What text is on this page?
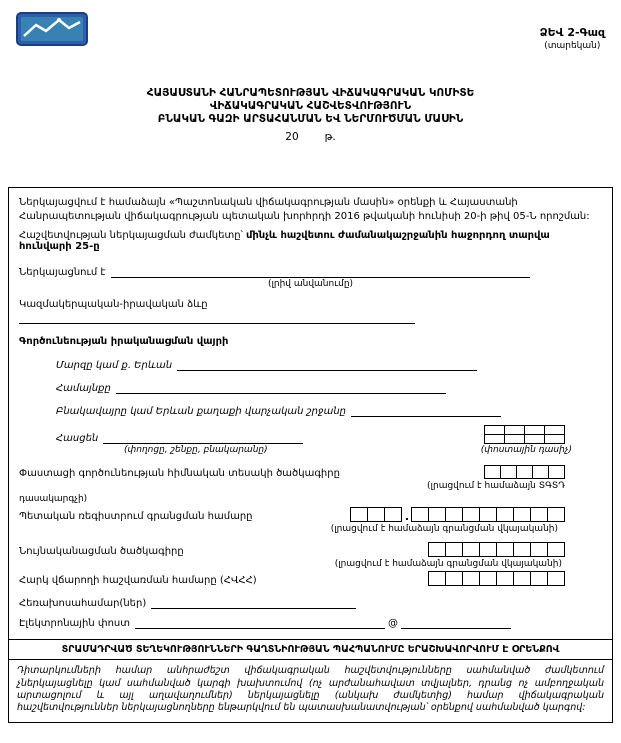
ՁԵՎ 2-Գազ
(տարեկան)
ՀԱՅԱՍՏԱՆԻ ՀԱՆՐԱՊԵՏՈՒԹՅԱՆ ՎԻՃԱԿԱԳՐԱԿԱՆ ԿՈՄԻՏԵ
ՎԻՃԱԿԱԳՐԱԿԱՆ ՀԱՇՎԵՏՎՈՒԹՅՈՒՆ
ԲՆԱԿԱՆ ԳԱԶԻ ԱՐՏԱՀԱՆՄԱՆ ԵՎ ՆԵՐՄՈՒԾՄԱՆ ՄԱՍԻՆ
20 թ.

Ներկայացվում է համաձայն «Պաշտոնական վիճակագրության մասին» օրենքի և Հայաստանի Հանրապետության վիճակագրության պետական խորհրդի 2016 թվականի հունիսի 20-ի թիվ 05-Ն որոշման:

Հաշվետվության ներկայացման ժամկետը՝ մինչև հաշվետու ժամանակաշրջանին հաջորդող տարվա հունվարի 25-ը

Ներկայացնում է
(լրիվ անվանումը)
Կազմակերպական-իրավական ձևը
Գործունեության իրականացման վայրի
Մարզը կամ ք. Երևան
Համայնքը
Բնակավայրը կամ Երևան քաղաքի վարչական շրջանը
Հասցեն
(փողոցը, շենքը, բնակարանը)	(փոստային դասիչ)
Փաստացի գործունեության հիմնական տեսակի ծածկագիրը
(լրացվում է համաձայն ՏԳՏԴ
դասակարգչի)
Պետական ռեգիստրում գրանցման համարը	.
(լրացվում է համաձայն գրանցման վկայականի)
Նույնականացման ծածկագիրը
(լրացվում է համաձայն գրանցման վկայականի)
Հարկ վճարողի հաշվառման համարը (ՀՎՀՀ)
Հեռախոսահամար(ներ)
Էլեկտրոնային փոստ	@
ՏՐԱՄԱԴՐՎԱԾ ՏԵՂԵԿՈՒԹՅՈՒՆՆԵՐԻ ԳԱՂՏՆԻՈՒԹՅԱՆ ՊԱՀՊԱՆՈՒՄԸ ԵՐԱՇԽԱՎՈՐՎՈՒՄ Է ՕՐԵՆՔՈՎ
Դիտարկումների համար անհրաժեշտ վիճակագրական հաշվետվությունները սահմանված ժամկետում չներկայացնելը կամ սահմանված կարգի խախտումով (ոչ արժանահավատ տվյալներ, դրանց ոչ ամբողջական արտացոլում և այլ աղավաղումներ) ներկայացնելը (անկախ ժամկետից) համար վիճակագրական հաշվետվություններ ներկայացնողները ենթարկվում են պատասխանատվության՝ օրենքով սահմանված կարգով:
